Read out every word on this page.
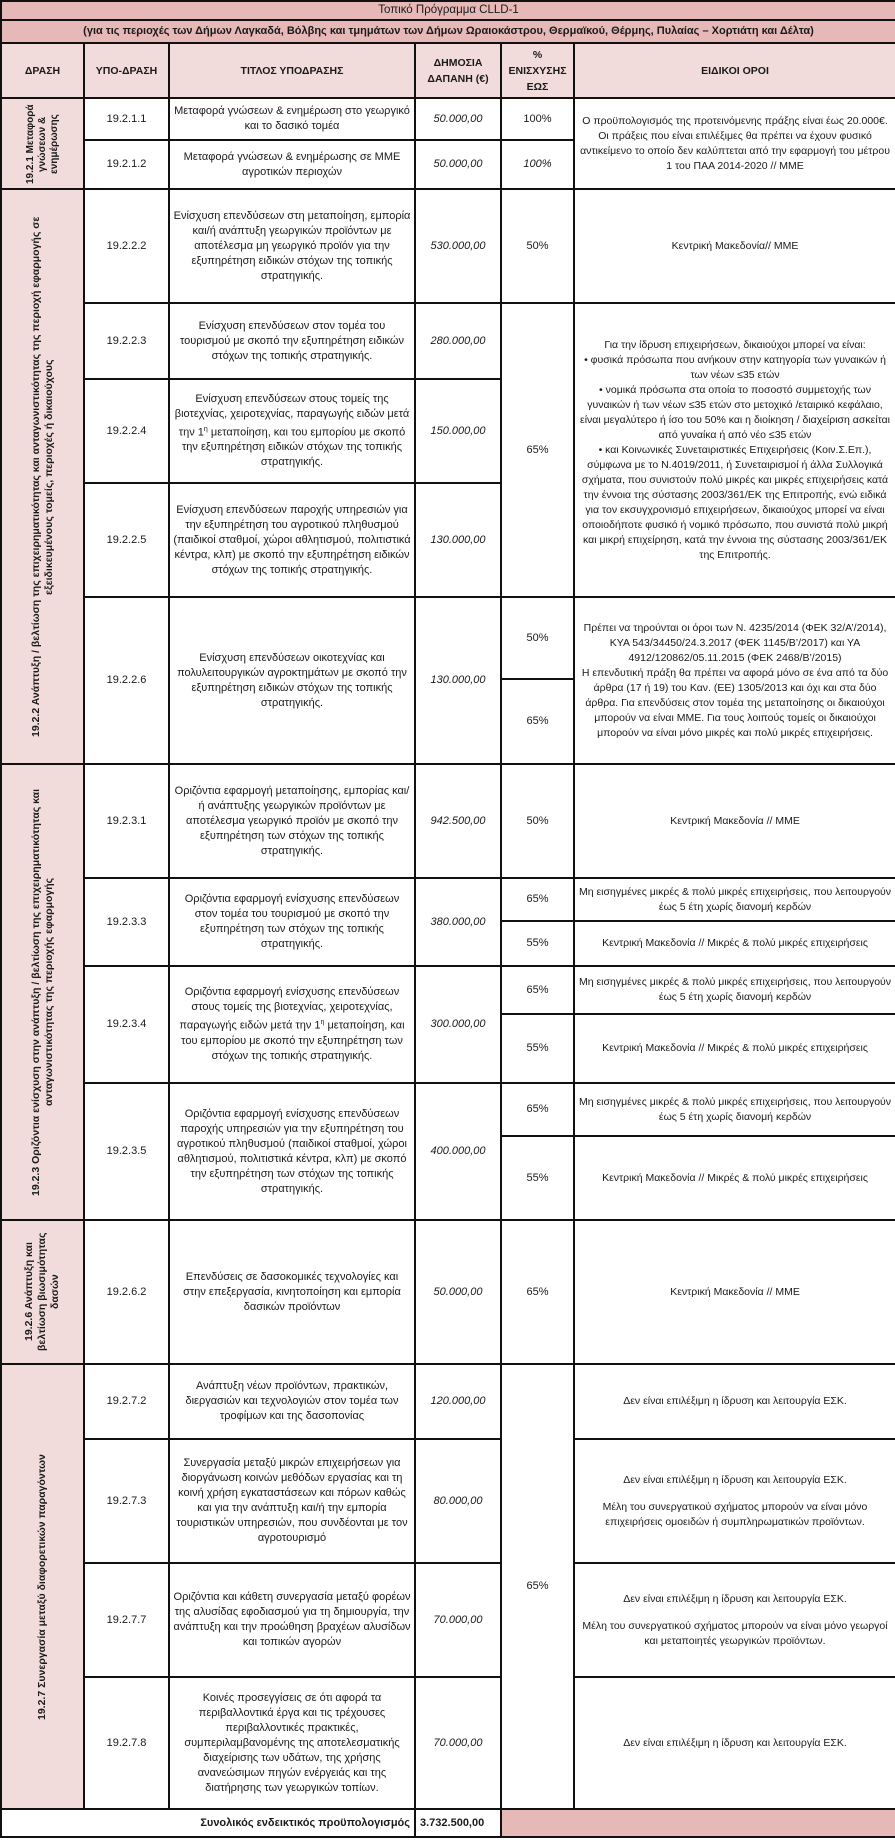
Τοπικό Πρόγραμμα CLLD-1					
(για τις περιοχές των Δήμων Λαγκαδά, Βόλβης και τμημάτων των Δήμων Ωραιοκάστρου, Θερμαϊκού, Θέρμης, Πυλαίας – Χορτιάτη και Δέλτα)					
ΔΡΑΣΗ	ΥΠΟ-ΔΡΑΣΗ	ΤΙΤΛΟΣ ΥΠΟΔΡΑΣΗΣ	ΔΗΜΟΣΙΑ ΔΑΠΑΝΗ (€)	% ΕΝΙΣΧΥΣΗΣ ΕΩΣ	ΕΙΔΙΚΟΙ ΟΡΟΙ

19.2.1 Μεταφορά γνώσεων & ενημέρωσης	19.2.1.1	Μεταφορά γνώσεων & ενημέρωση στο γεωργικό και το δασικό τομέα	50.000,00	100%	Ο προϋπολογισμός της προτεινόμενης πράξης είναι έως 20.000€. Οι πράξεις που είναι επιλέξιμες θα πρέπει να έχουν φυσικό αντικείμενο το οποίο δεν καλύπτεται από την εφαρμογή του μέτρου 1 του ΠΑΑ 2014-2020 // ΜΜΕ
	19.2.1.2	Μεταφορά γνώσεων & ενημέρωσης σε ΜΜΕ αγροτικών περιοχών	50.000,00	100%	

19.2.2 Ανάπτυξη / βελτίωση της επιχειρηματικότητας και ανταγωνιστικότητας της περιοχή εφαρμογής σε εξειδικευμένους τομείς, περιοχές ή δικαιούχους	19.2.2.2	Ενίσχυση επενδύσεων στη μεταποίηση, εμπορία και/ή ανάπτυξη γεωργικών προϊόντων με αποτέλεσμα μη γεωργικό προϊόν για την εξυπηρέτηση ειδικών στόχων της τοπικής στρατηγικής.	530.000,00	50%	Κεντρική Μακεδονία// ΜΜΕ
	19.2.2.3	Ενίσχυση επενδύσεων στον τομέα του τουρισμού με σκοπό την εξυπηρέτηση ειδικών στόχων της τοπικής στρατηγικής.	280.000,00	65%	Για την ίδρυση επιχειρήσεων, δικαιούχοι μπορεί να είναι:
• φυσικά πρόσωπα που ανήκουν στην κατηγορία των γυναικών ή των νέων ≤35 ετών
• νομικά πρόσωπα στα οποία το ποσοστό συμμετοχής των γυναικών ή των νέων ≤35 ετών στο μετοχικό /εταιρικό κεφάλαιο, είναι μεγαλύτερο ή ίσο του 50% και η διοίκηση / διαχείριση ασκείται από γυναίκα ή από νέο ≤35 ετών
• και Κοινωνικές Συνεταιριστικές Επιχειρήσεις (Κοιν.Σ.Επ.), σύμφωνα με το Ν.4019/2011, ή Συνεταιρισμοί ή άλλα Συλλογικά σχήματα, που συνιστούν πολύ μικρές και μικρές επιχειρήσεις κατά την έννοια της σύστασης 2003/361/ΕΚ της Επιτροπής, ενώ ειδικά για τον εκσυγχρονισμό επιχειρήσεων, δικαιούχος μπορεί να είναι οποιοδήποτε φυσικό ή νομικό πρόσωπο, που συνιστά πολύ μικρή και μικρή επιχείρηση, κατά την έννοια της σύστασης 2003/361/ΕΚ της Επιτροπής.

	19.2.2.4	Ενίσχυση επενδύσεων στους τομείς της βιοτεχνίας, χειροτεχνίας, παραγωγής ειδών μετά την $1^\eta$ μεταποίηση, και του εμπορίου με σκοπό την εξυπηρέτηση ειδικών στόχων της τοπικής στρατηγικής.	150.000,00		
	19.2.2.5	Ενίσχυση επενδύσεων παροχής υπηρεσιών για την εξυπηρέτηση του αγροτικού πληθυσμού (παιδικοί σταθμοί, χώροι αθλητισμού, πολιτιστικά κέντρα, κλπ) με σκοπό την εξυπηρέτηση ειδικών στόχων της τοπικής στρατηγικής.	130.000,00		
	19.2.2.6	Ενίσχυση επενδύσεων οικοτεχνίας και πολυλειτουργικών αγροκτημάτων με σκοπό την εξυπηρέτηση ειδικών στόχων της τοπικής στρατηγικής.	130.000,00	50%	Πρέπει να τηρούνται οι όροι των Ν. 4235/2014 (ΦΕΚ 32/Α’/2014), ΚΥΑ 543/34450/24.3.2017 (ΦΕΚ 1145/Β’/2017) και ΥΑ 4912/120862/05.11.2015 (ΦΕΚ 2468/Β’/2015)
Η επενδυτική πράξη θα πρέπει να αφορά μόνο σε ένα από τα δύο άρθρα (17 ή 19) του Καν. (ΕΕ) 1305/2013 και όχι και στα δύο άρθρα. Για επενδύσεις στον τομέα της μεταποίησης οι δικαιούχοι μπορούν να είναι ΜΜΕ. Για τους λοιπούς τομείς οι δικαιούχοι μπορούν να είναι μόνο μικρές και πολύ μικρές επιχειρήσεις.

				65%	

19.2.3 Οριζόντια ενίσχυση στην ανάπτυξη / βελτίωση της επιχειρηματικότητας και ανταγωνιστικότητας της περιοχής εφαρμογής	19.2.3.1	Οριζόντια εφαρμογή μεταποίησης, εμπορίας και/ή ανάπτυξης γεωργικών προϊόντων με αποτέλεσμα γεωργικό προϊόν με σκοπό την εξυπηρέτηση των στόχων της τοπικής στρατηγικής.	942.500,00	50%	Κεντρική Μακεδονία // ΜΜΕ
	19.2.3.3	Οριζόντια εφαρμογή ενίσχυσης επενδύσεων στον τομέα του τουρισμού με σκοπό την εξυπηρέτηση των στόχων της τοπικής στρατηγικής.	380.000,00	65%	Μη εισηγμένες μικρές & πολύ μικρές επιχειρήσεις, που λειτουργούν έως 5 έτη χωρίς διανομή κερδών
				55%	Κεντρική Μακεδονία // Μικρές & πολύ μικρές επιχειρήσεις
	19.2.3.4	Οριζόντια εφαρμογή ενίσχυσης επενδύσεων στους τομείς της βιοτεχνίας, χειροτεχνίας, παραγωγής ειδών μετά την $1^\eta$ μεταποίηση, και του εμπορίου με σκοπό την εξυπηρέτηση των στόχων της τοπικής στρατηγικής.	300.000,00	65%	Μη εισηγμένες μικρές & πολύ μικρές επιχειρήσεις, που λειτουργούν έως 5 έτη χωρίς διανομή κερδών
				55%	Κεντρική Μακεδονία // Μικρές & πολύ μικρές επιχειρήσεις
	19.2.3.5	Οριζόντια εφαρμογή ενίσχυσης επενδύσεων παροχής υπηρεσιών για την εξυπηρέτηση του αγροτικού πληθυσμού (παιδικοί σταθμοί, χώροι αθλητισμού, πολιτιστικά κέντρα, κλπ) με σκοπό την εξυπηρέτηση των στόχων της τοπικής στρατηγικής.	400.000,00	65%	Μη εισηγμένες μικρές & πολύ μικρές επιχειρήσεις, που λειτουργούν έως 5 έτη χωρίς διανομή κερδών
				55%	Κεντρική Μακεδονία // Μικρές & πολύ μικρές επιχειρήσεις

19.2.6 Ανάπτυξη και βελτίωση βιωσιμότητας δασών	19.2.6.2	Επενδύσεις σε δασοκομικές τεχνολογίες και στην επεξεργασία, κινητοποίηση και εμπορία δασικών προϊόντων	50.000,00	65%	Κεντρική Μακεδονία // ΜΜΕ

19.2.7 Συνεργασία μεταξύ διαφορετικών παραγόντων	19.2.7.2	Ανάπτυξη νέων προϊόντων, πρακτικών, διεργασιών και τεχνολογιών στον τομέα των τροφίμων και της δασοπονίας	120.000,00	65%	Δεν είναι επιλέξιμη η ίδρυση και λειτουργία ΕΣΚ.
	19.2.7.3	Συνεργασία μεταξύ μικρών επιχειρήσεων για διοργάνωση κοινών μεθόδων εργασίας και τη κοινή χρήση εγκαταστάσεων και πόρων καθώς και για την ανάπτυξη και/ή την εμπορία τουριστικών υπηρεσιών, που συνδέονται με τον αγροτουρισμό	80.000,00		Δεν είναι επιλέξιμη η ίδρυση και λειτουργία ΕΣΚ.
Μέλη του συνεργατικού σχήματος μπορούν να είναι μόνο επιχειρήσεις ομοειδών ή συμπληρωματικών προϊόντων.

	19.2.7.7	Οριζόντια και κάθετη συνεργασία μεταξύ φορέων της αλυσίδας εφοδιασμού για τη δημιουργία, την ανάπτυξη και την προώθηση βραχέων αλυσίδων και τοπικών αγορών	70.000,00		Δεν είναι επιλέξιμη η ίδρυση και λειτουργία ΕΣΚ.
Μέλη του συνεργατικού σχήματος μπορούν να είναι μόνο γεωργοί και μεταποιητές γεωργικών προϊόντων.

	19.2.7.8	Κοινές προσεγγίσεις σε ότι αφορά τα περιβαλλοντικά έργα και τις τρέχουσες περιβαλλοντικές πρακτικές, συμπεριλαμβανομένης της αποτελεσματικής διαχείρισης των υδάτων, της χρήσης ανανεώσιμων πηγών ενέργειάς και της διατήρησης των γεωργικών τοπίων.	70.000,00		Δεν είναι επιλέξιμη η ίδρυση και λειτουργία ΕΣΚ.
Συνολικός ενδεικτικός προϋπολογισμός			3.732.500,00		
